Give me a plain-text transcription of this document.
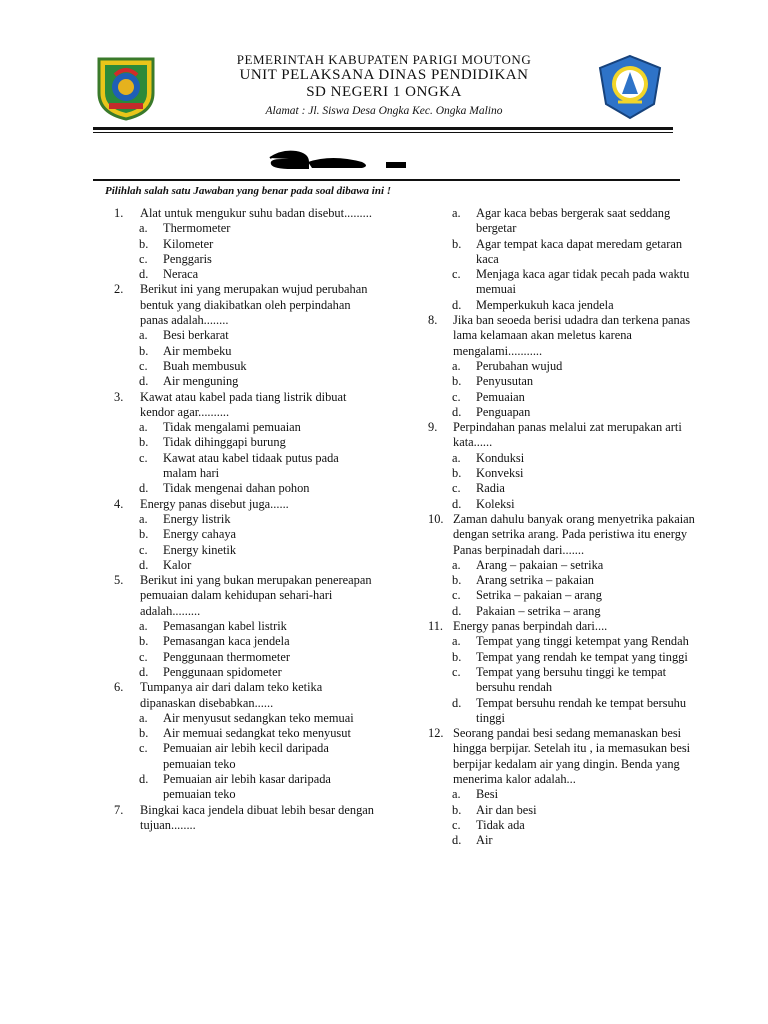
PEMERINTAH KABUPATEN PARIGI MOUTONG
UNIT PELAKSANA DINAS PENDIDIKAN
SD NEGERI 1 ONGKA
Alamat : Jl. Siswa Desa Ongka Kec. Ongka Malino
Pilihlah salah satu Jawaban yang benar pada soal dibawa ini !
1. Alat untuk mengukur suhu badan disebut.........
a. Thermometer
b. Kilometer
c. Penggaris
d. Neraca
2. Berikut ini yang merupakan wujud perubahan bentuk yang diakibatkan oleh perpindahan panas adalah........
a. Besi berkarat
b. Air membeku
c. Buah membusuk
d. Air menguning
3. Kawat atau kabel pada tiang listrik dibuat kendor agar..........
a. Tidak mengalami pemuaian
b. Tidak dihinggapi burung
c. Kawat atau kabel tidaak putus pada malam hari
d. Tidak mengenai dahan pohon
4. Energy panas disebut juga......
a. Energy listrik
b. Energy cahaya
c. Energy kinetik
d. Kalor
5. Berikut ini yang bukan merupakan penereapan pemuaian dalam kehidupan sehari-hari adalah.........
a. Pemasangan kabel listrik
b. Pemasangan kaca jendela
c. Penggunaan thermometer
d. Penggunaan spidometer
6. Tumpanya air dari dalam teko ketika dipanaskan disebabkan......
a. Air menyusut sedangkan teko memuai
b. Air memuai sedangkat teko menyusut
c. Pemuaian air lebih kecil daripada pemuaian teko
d. Pemuaian air lebih kasar daripada pemuaian teko
7. Bingkai kaca jendela dibuat lebih besar dengan tujuan........
a. Agar kaca bebas bergerak saat seddang bergetar
b. Agar tempat kaca dapat meredam getaran kaca
c. Menjaga kaca agar tidak pecah pada waktu memuai
d. Memperkukuh kaca jendela
8. Jika ban seoeda berisi udadra dan terkena panas lama kelamaan akan meletus karena mengalami...........
a. Perubahan wujud
b. Penyusutan
c. Pemuaian
d. Penguapan
9. Perpindahan panas melalui zat merupakan arti kata......
a. Konduksi
b. Konveksi
c. Radia
d. Koleksi
10. Zaman dahulu banyak orang menyetrika pakaian dengan setrika arang. Pada peristiwa itu energy Panas berpinadah dari.......
a. Arang – pakaian – setrika
b. Arang setrika – pakaian
c. Setrika – pakaian – arang
d. Pakaian – setrika – arang
11. Energy panas berpindah dari....
a. Tempat yang tinggi ketempat yang Rendah
b. Tempat yang rendah ke tempat yang tinggi
c. Tempat yang bersuhu tinggi ke tempat bersuhu rendah
d. Tempat bersuhu rendah ke tempat bersuhu tinggi
12. Seorang pandai besi sedang memanaskan besi hingga berpijar. Setelah itu , ia memasukan besi berpijar kedalam air yang dingin. Benda yang menerima kalor adalah...
a. Besi
b. Air dan besi
c. Tidak ada
d. Air
